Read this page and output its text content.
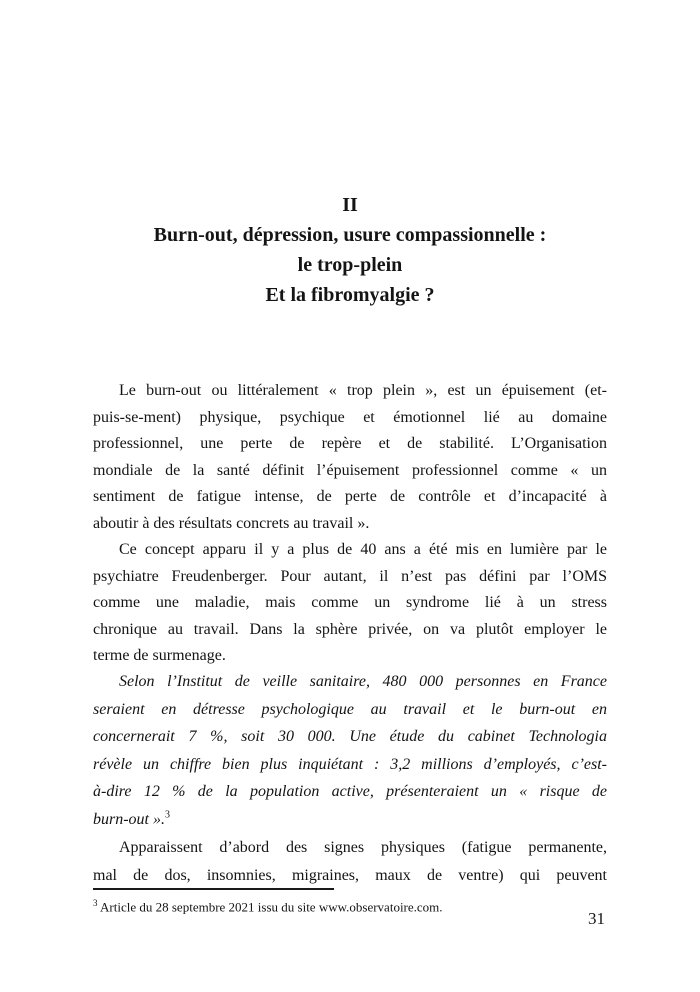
II
Burn-out, dépression, usure compassionnelle :
le trop-plein
Et la fibromyalgie ?
Le burn-out ou littéralement « trop plein », est un épuisement (et-
puis-se-ment) physique, psychique et émotionnel lié au domaine
professionnel, une perte de repère et de stabilité. L’Organisation
mondiale de la santé définit l’épuisement professionnel comme « un
sentiment de fatigue intense, de perte de contrôle et d’incapacité à
aboutir à des résultats concrets au travail ».
Ce concept apparu il y a plus de 40 ans a été mis en lumière par le
psychiatre Freudenberger. Pour autant, il n’est pas défini par l’OMS
comme une maladie, mais comme un syndrome lié à un stress
chronique au travail. Dans la sphère privée, on va plutôt employer le
terme de surmenage.
Selon l’Institut de veille sanitaire, 480 000 personnes en France
seraient en détresse psychologique au travail et le burn-out en
concernerait 7 %, soit 30 000. Une étude du cabinet Technologia
révèle un chiffre bien plus inquiétant : 3,2 millions d’employés, c’est-
à-dire 12 % de la population active, présenteraient un « risque de
burn-out ».$^3$
Apparaissent d’abord des signes physiques (fatigue permanente,
mal de dos, insomnies, migraines, maux de ventre) qui peuvent
$^3$ Article du 28 septembre 2021 issu du site www.observatoire.com.
31
